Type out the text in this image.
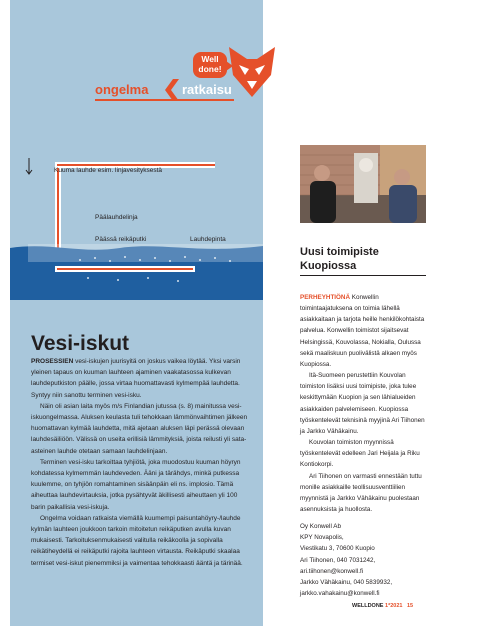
Well
done!
ongelma	ratkaisu
Kuuma lauhde esim. linjavesityksestä
Päälauhdelinja
Päässä reikäputki	Lauhdepinta
Vesi-iskut

PROSESSIEN vesi-iskujen juurisyitä on joskus vaikea löytää. Yksi varsin yleinen tapaus on kuuman lauhteen ajaminen vaakatasossa kulkevan lauhdeputkiston päälle, jossa virtaa huomattavasti kylmempää lauhdetta. Syntyy niin sanottu terminen vesi-isku.

Näin oli asian laita myös m/s Finlandian jutussa (s. 8) mainitussa vesi-iskuongelmassa. Aluksen keulasta tuli tehokkaan lämmönvaihtimen jälkeen huomattavan kylmää lauhdetta, mitä ajetaan aluksen läpi perässä olevaan lauhdesäiliöön. Välissä on useita erillisiä lämmityksiä, joista reilusti yli sata-asteinen lauhde otetaan samaan lauhdelinjaan.

Terminen vesi-isku tarkoittaa tyhjiötä, joka muodostuu kuuman höyryn kohdatessa kylmemmän lauhdeveden. Ääni ja tärähdys, minkä putkessa kuulemme, on tyhjiön romahtaminen sisäänpäin eli ns. implosio. Tämä aiheuttaa lauhdevirtauksia, jotka pysähtyvät äkillisesti aiheuttaen yli 100 barin paikallisia vesi-iskuja.

Ongelma voidaan ratkaista viemällä kuumempi paisuntahöyry-/lauhde kylmän lauhteen joukkoon tarkoin mitoitetun reikäputken avulla kuvan mukaisesti. Tarkoituksenmukaisesti valitulla reikäkoolla ja sopivalla reikätiheydellä ei reikäputki rajoita lauhteen virtausta. Reikäputki skaalaa termiset vesi-iskut pienemmiksi ja vaimentaa tehokkaasti ääntä ja tärinää.

Uusi toimipiste
Kuopiossa

PERHEYHTIÖNÄ Konwellin toimintaajatuksena on toimia lähellä asiakkaitaan ja tarjota heille henkilökohtaista palvelua. Konwellin toimistot sijaitsevat Helsingissä, Kouvolassa, Nokialla, Oulussa sekä maaliskuun puolivälistä alkaen myös Kuopiossa.

Itä-Suomeen perustettiin Kouvolan toimiston lisäksi uusi toimipiste, joka tulee keskittymään Kuopion ja sen lähialueiden asiakkaiden palvelemiseen. Kuopiossa työskentelevät teknisinä myyjinä Ari Tiihonen ja Jarkko Vähäkainu.

Kouvolan toimiston myynnissä työskentelevät edelleen Jari Heijala ja Riku Kontiokorpi.

Ari Tiihonen on varmasti ennestään tuttu monille asiakkaille teollisuusventtiilien myynnistä ja Jarkko Vähäkainu puolestaan asennuksista ja huollosta.

Oy Konwell Ab
KPY Novapolis,
Viestikatu 3, 70600 Kuopio
Ari Tiihonen, 040 7031242,
ari.tiihonen@konwell.fi
Jarkko Vähäkainu, 040 5839932,
jarkko.vahakainu@konwell.fi
WELLDONE 1*2021 15
